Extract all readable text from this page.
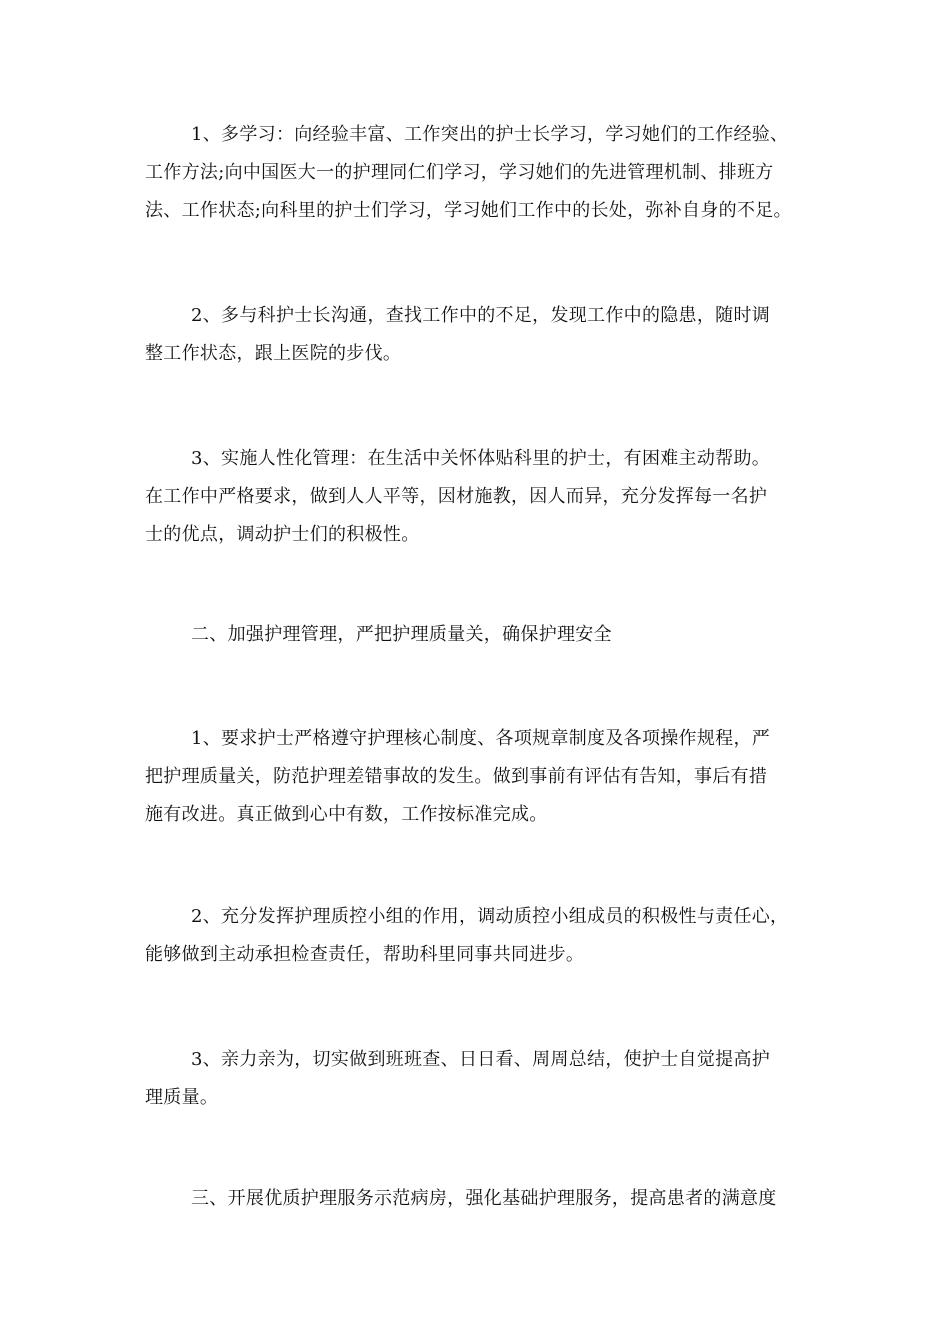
1、多学习：向经验丰富、工作突出的护士长学习，学习她们的工作经验、
工作方法;向中国医大一的护理同仁们学习，学习她们的先进管理机制、排班方
法、工作状态;向科里的护士们学习，学习她们工作中的长处，弥补自身的不足。
2、多与科护士长沟通，查找工作中的不足，发现工作中的隐患，随时调
整工作状态，跟上医院的步伐。
3、实施人性化管理：在生活中关怀体贴科里的护士，有困难主动帮助。
在工作中严格要求，做到人人平等，因材施教，因人而异，充分发挥每一名护
士的优点，调动护士们的积极性。
二、加强护理管理，严把护理质量关，确保护理安全
1、要求护士严格遵守护理核心制度、各项规章制度及各项操作规程，严
把护理质量关，防范护理差错事故的发生。做到事前有评估有告知，事后有措
施有改进。真正做到心中有数，工作按标准完成。
2、充分发挥护理质控小组的作用，调动质控小组成员的积极性与责任心，
能够做到主动承担检查责任，帮助科里同事共同进步。
3、亲力亲为，切实做到班班查、日日看、周周总结，使护士自觉提高护
理质量。
三、开展优质护理服务示范病房，强化基础护理服务，提高患者的满意度
